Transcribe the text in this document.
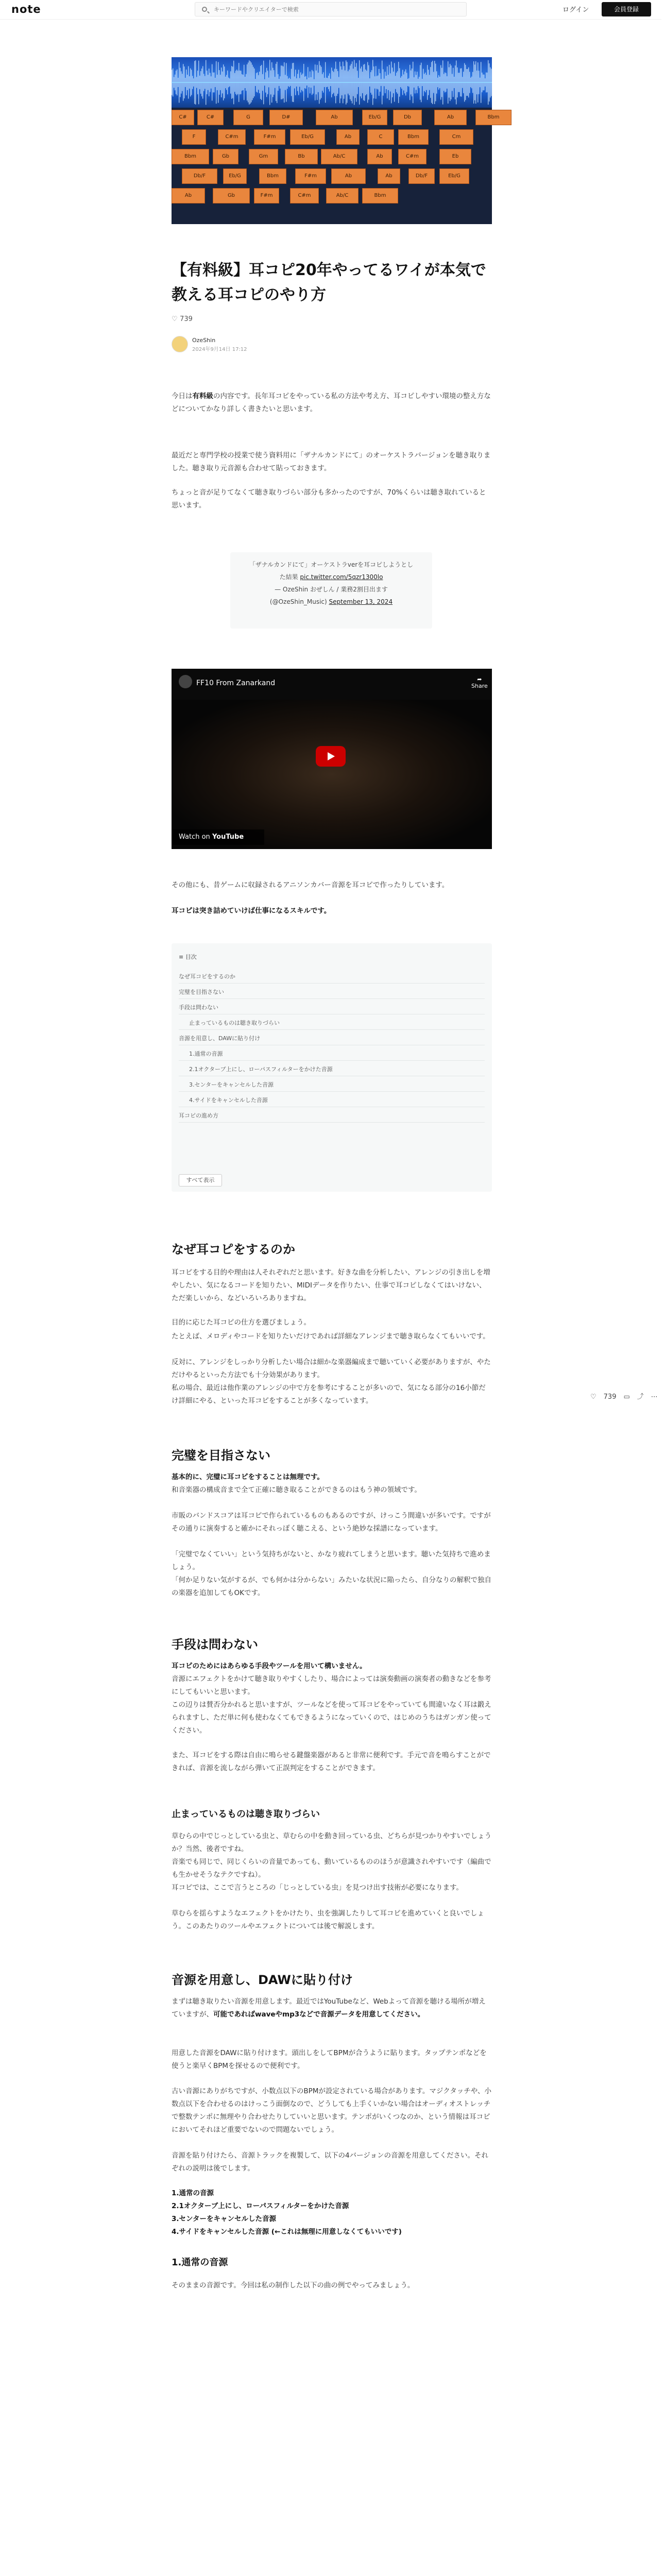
note
キーワードやクリエイターで検索	ログイン	会員登録
C#	C#	G	D#	Ab	Eb/G	Db	Ab	Bbm
F	C#m	F#m	Eb/G	Ab	C	Bbm	Cm
Bbm	Gb	Gm	Bb	Ab/C	Ab	C#m	Eb
Db/F	Eb/G	Bbm	F#m	Ab	Ab	Db/F	Eb/G
Ab	Gb	F#m	C#m	Ab/C	Bbm
【有料級】耳コピ20年やってるワイが本気で
教える耳コピのやり方
♡ 739
OzeShin
2024年9月14日 17:12
今日は有料級の内容です。長年耳コピをやっている私の方法や考え方、耳コピしやすい環境の整え方などについてかなり詳しく書きたいと思います。
最近だと専門学校の授業で使う資料用に「ザナルカンドにて」のオーケストラバージョンを聴き取りました。聴き取り元音源も合わせて貼っておきます。
ちょっと音が足りてなくて聴き取りづらい部分も多かったのですが、70%くらいは聴き取れていると思います。
「ザナルカンドにて」オーケストラverを耳コピしようとし
た結果 pic.twitter.com/5qzr1300lo
— OzeShin おぜしん / 業務2割目出ます
(@OzeShin_Music) September 13, 2024
FF10 From Zanarkand	➦
Share
Watch on YouTube
その他にも、昔ゲームに収録されるアニソンカバー音源を耳コピで作ったりしています。
耳コピは突き詰めていけば仕事になるスキルです。
≡ 目次
なぜ耳コピをするのか
完璧を目指さない
手段は問わない
止まっているものは聴き取りづらい
音源を用意し、DAWに貼り付け
1.通常の音源
2.1オクターブ上にし、ローパスフィルターをかけた音源
3.センターをキャンセルした音源
4.サイドをキャンセルした音源
耳コピの進め方
すべて表示
なぜ耳コピをするのか
耳コピをする目的や理由は人それぞれだと思います。好きな曲を分析したい、アレンジの引き出しを増やしたい、気になるコードを知りたい、MIDIデータを作りたい、仕事で耳コピしなくてはいけない、ただ楽しいから、などいろいろありますね。
目的に応じた耳コピの仕方を選びましょう。
たとえば、メロディやコードを知りたいだけであれば詳細なアレンジまで聴き取らなくてもいいです。
反対に、アレンジをしっかり分析したい場合は細かな楽器編成まで聴いていく必要がありますが、やただけやるといった方法でも十分効果があります。
私の場合、最近は他作業のアレンジの中で方を参考にすることが多いので、気になる部分の16小節だけ詳細にやる、といった耳コピをすることが多くなっています。
完璧を目指さない
基本的に、完璧に耳コピをすることは無理です。
和音楽器の構成音まで全て正確に聴き取ることができるのはもう神の領域です。
市販のバンドスコアは耳コピで作られているものもあるのですが、けっこう間違いが多いです。ですがその通りに演奏すると確かにそれっぽく聴こえる、という絶妙な採譜になっています。
「完璧でなくていい」という気持ちがないと、かなり疲れてしまうと思います。聴いた気持ちで進めましょう。
「何か足りない気がするが、でも何かは分からない」みたいな状況に陥ったら、自分なりの解釈で独自の楽器を追加してもOKです。
手段は問わない
耳コピのためにはあらゆる手段やツールを用いて構いません。
音源にエフェクトをかけて聴き取りやすくしたり、場合によっては演奏動画の演奏者の動きなどを参考にしてもいいと思います。
この辺りは賛否分かれると思いますが、ツールなどを使って耳コピをやっていても間違いなく耳は鍛えられますし、ただ単に何も使わなくてもできるようになっていくので、はじめのうちはガンガン使ってください。
また、耳コピをする際は自由に鳴らせる鍵盤楽器があると非常に便利です。手元で音を鳴らすことができれば、音源を流しながら弾いて正誤判定をすることができます。
止まっているものは聴き取りづらい
草むらの中でじっとしている虫と、草むらの中を動き回っている虫、どちらが見つかりやすいでしょうか？当然、後者ですね。
音楽でも同じで、同じくらいの音量であっても、動いているもののほうが意識されやすいです（編曲でも生かせそうなテクですね）。
耳コピでは、ここで言うところの「じっとしている虫」を見つけ出す技術が必要になります。
草むらを揺らすようなエフェクトをかけたり、虫を強調したりして耳コピを進めていくと良いでしょう。このあたりのツールやエフェクトについては後で解説します。
♡ 739 ▭ ⤴ ⋯
音源を用意し、DAWに貼り付け
まずは聴き取りたい音源を用意します。最近ではYouTubeなど、Webよって音源を聴ける場所が増えていますが、可能であればwaveやmp3などで音源データを用意してください。
用意した音源をDAWに貼り付けます。頭出しをしてBPMが合うように貼ります。タップテンポなどを使うと楽早くBPMを探せるので便利です。
古い音源にありがちですが、小数点以下のBPMが設定されている場合があります。マジクタッチや、小数点以下を合わせるのはけっこう面倒なので、どうしても上手くいかない場合はオーディオストレッチで整数テンポに無理やり合わせたりしていいと思います。テンポがいくつなのか、という情報は耳コピにおいてそれほど重要でないので問題ないでしょう。
音源を貼り付けたら、音源トラックを複製して、以下の4バージョンの音源を用意してください。それぞれの説明は後でします。
1.通常の音源
2.1オクターブ上にし、ローパスフィルターをかけた音源
3.センターをキャンセルした音源
4.サイドをキャンセルした音源 (←これは無理に用意しなくてもいいです)
1.通常の音源
そのままの音源です。今回は私の制作した以下の曲の例でやってみましょう。
